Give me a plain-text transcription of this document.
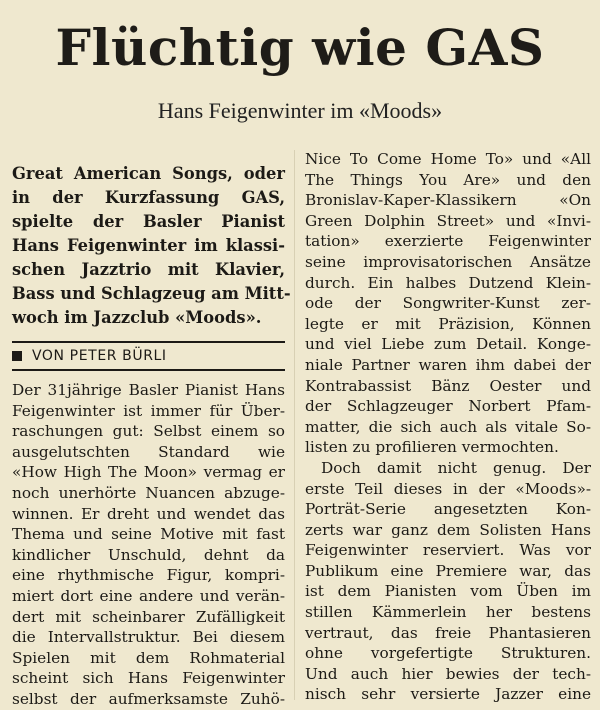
Flüchtig wie GAS
Hans Feigenwinter im «Moods»
Great American Songs, oder
in der Kurzfassung GAS,
spielte der Basler Pianist
Hans Feigenwinter im klassi-
schen Jazztrio mit Klavier,
Bass und Schlagzeug am Mitt-
woch im Jazzclub «Moods».
VON PETER BÜRLI
Der 31jährige Basler Pianist Hans
Feigenwinter ist immer für Über-
raschungen gut: Selbst einem so
ausgelutschten Standard wie
«How High The Moon» vermag er
noch unerhörte Nuancen abzuge-
winnen. Er dreht und wendet das
Thema und seine Motive mit fast
kindlicher Unschuld, dehnt da
eine rhythmische Figur, kompri-
miert dort eine andere und verän-
dert mit scheinbarer Zufälligkeit
die Intervallstruktur. Bei diesem
Spielen mit dem Rohmaterial
scheint sich Hans Feigenwinter
selbst der aufmerksamste Zuhö-
Nice To Come Home To» und «All
The Things You Are» und den
Bronislav-Kaper-Klassikern «On
Green Dolphin Street» und «Invi-
tation» exerzierte Feigenwinter
seine improvisatorischen Ansätze
durch. Ein halbes Dutzend Klein-
ode der Songwriter-Kunst zer-
legte er mit Präzision, Können
und viel Liebe zum Detail. Konge-
niale Partner waren ihm dabei der
Kontrabassist Bänz Oester und
der Schlagzeuger Norbert Pfam-
matter, die sich auch als vitale So-
listen zu profilieren vermochten.
Doch damit nicht genug. Der
erste Teil dieses in der «Moods»-
Porträt-Serie angesetzten Kon-
zerts war ganz dem Solisten Hans
Feigenwinter reserviert. Was vor
Publikum eine Premiere war, das
ist dem Pianisten vom Üben im
stillen Kämmerlein her bestens
vertraut, das freie Phantasieren
ohne vorgefertigte Strukturen.
Und auch hier bewies der tech-
nisch sehr versierte Jazzer eine
